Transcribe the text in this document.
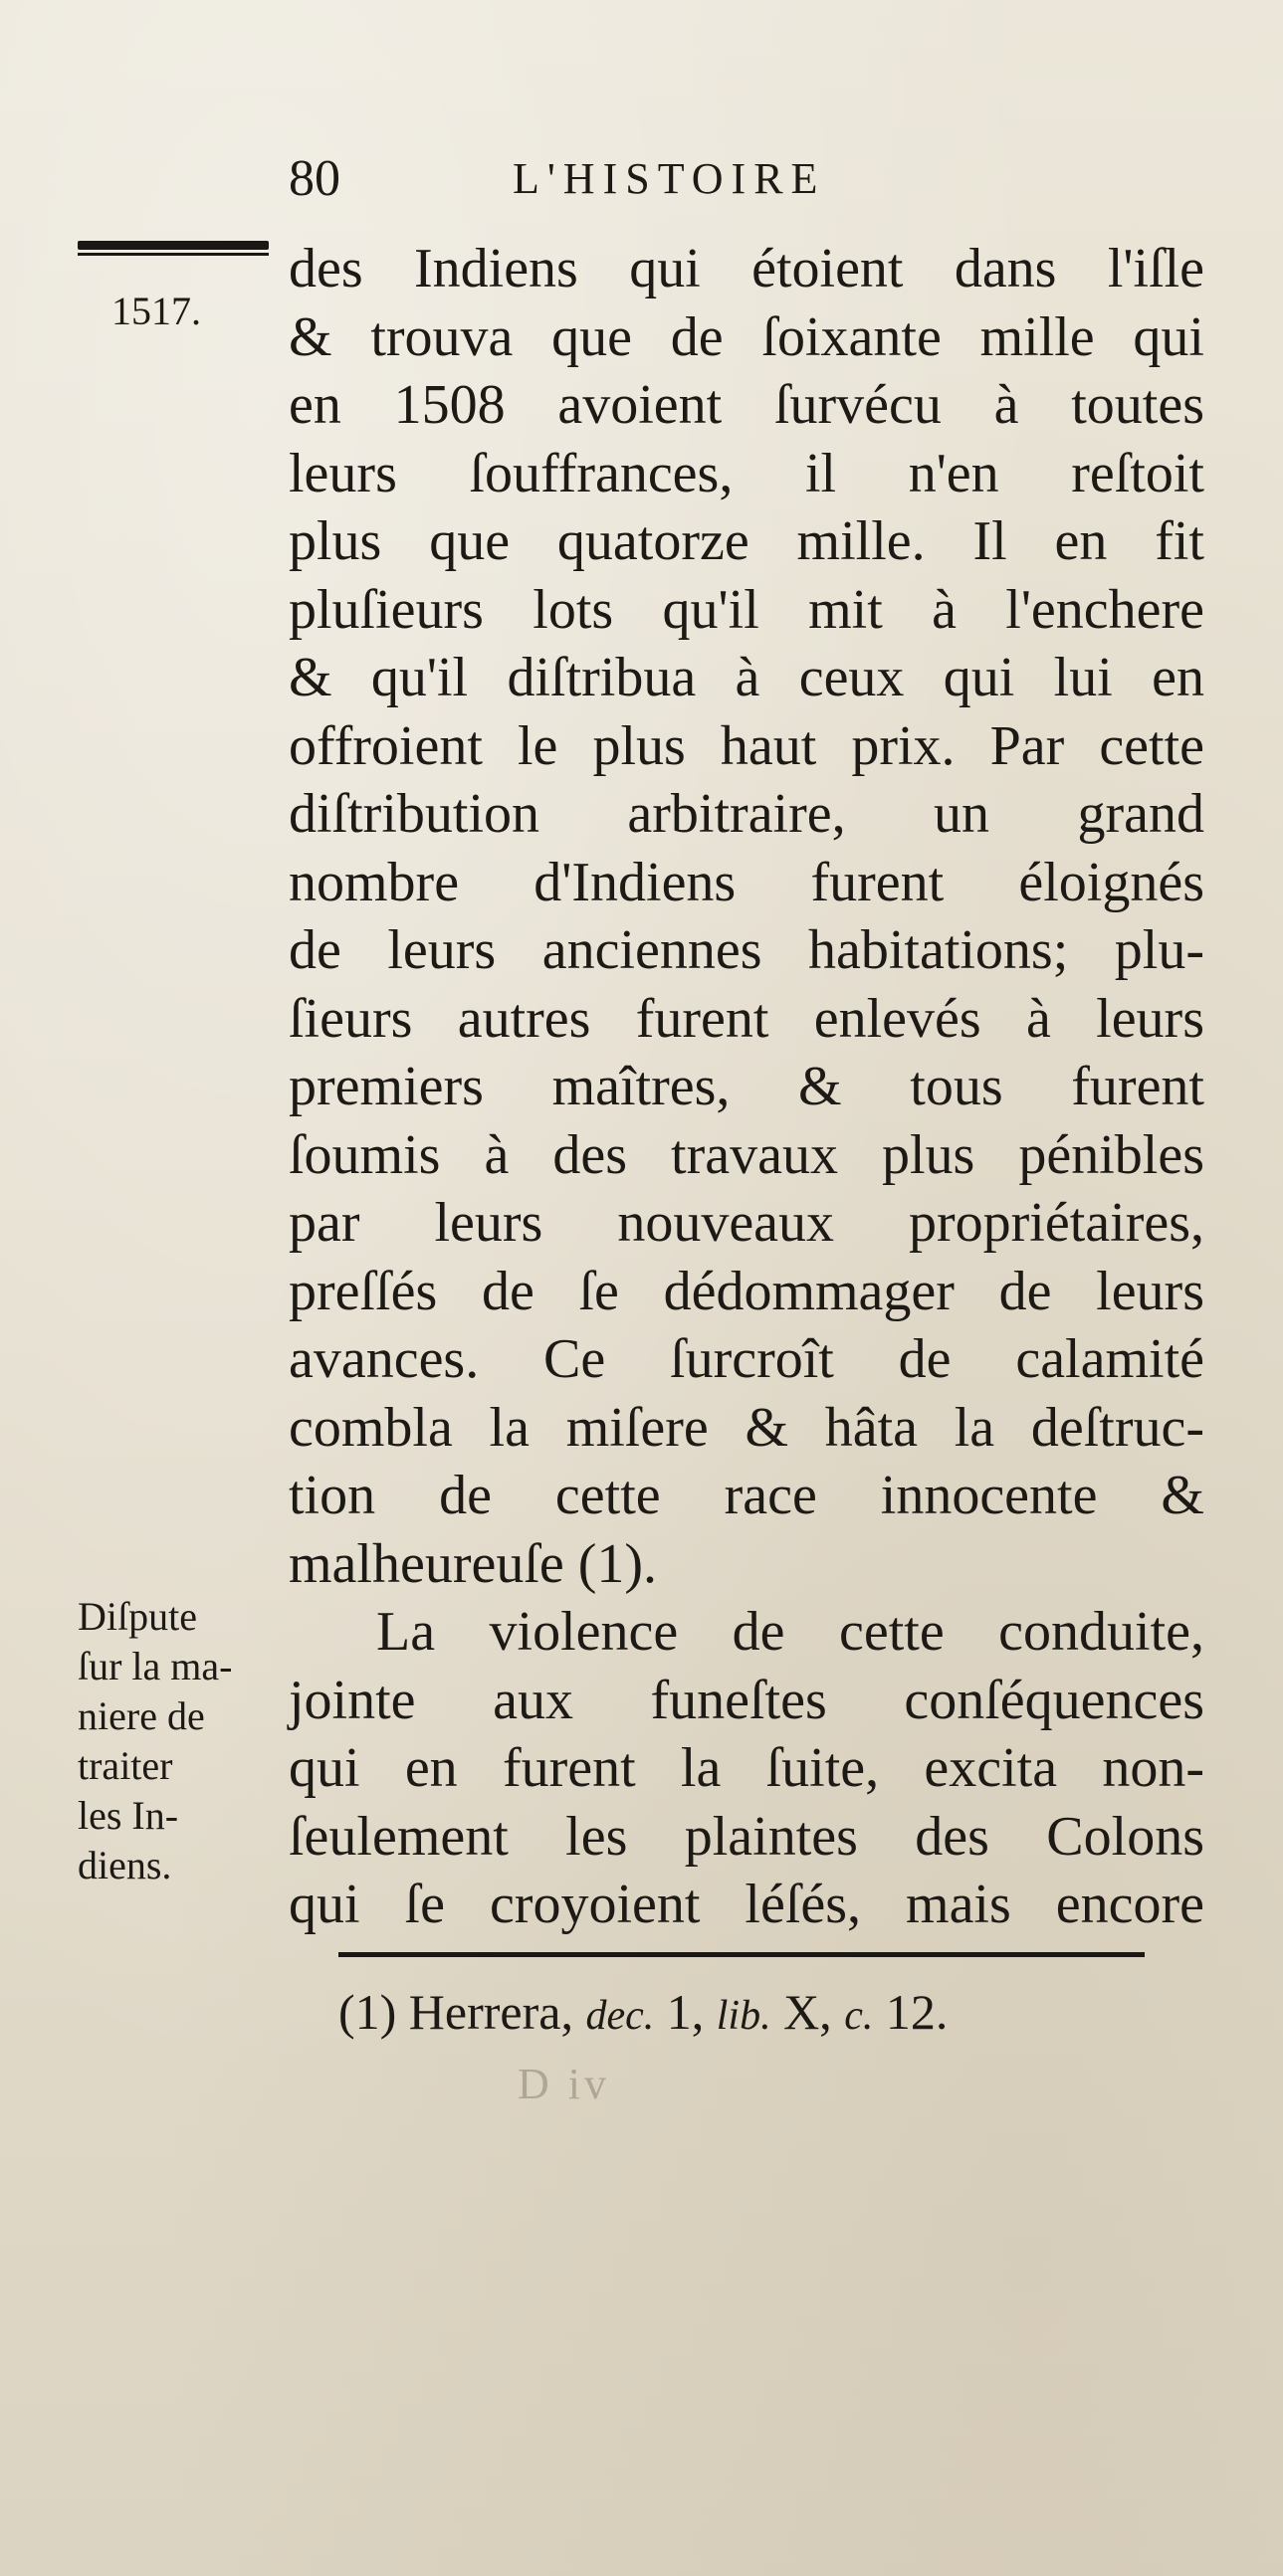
80	L'HISTOIRE
1517.
des Indiens qui étoient dans l'iſle
& trouva que de ſoixante mille qui
en 1508 avoient ſurvécu à toutes
leurs ſouffrances, il n'en reſtoit
plus que quatorze mille. Il en fit
pluſieurs lots qu'il mit à l'enchere
& qu'il diſtribua à ceux qui lui en
offroient le plus haut prix. Par cette
diſtribution arbitraire, un grand
nombre d'Indiens furent éloignés
de leurs anciennes habitations; plu-
ſieurs autres furent enlevés à leurs
premiers maîtres, & tous furent
ſoumis à des travaux plus pénibles
par leurs nouveaux propriétaires,
preſſés de ſe dédommager de leurs
avances. Ce ſurcroît de calamité
combla la miſere & hâta la deſtruc-
tion de cette race innocente &
malheureuſe (1).
La violence de cette conduite,
jointe aux funeſtes conſéquences
qui en furent la ſuite, excita non-
ſeulement les plaintes des Colons
qui ſe croyoient léſés, mais encore
Diſpute
ſur la ma-
niere de
traiter
les In-
diens.
(1) Herrera, dec. 1, lib. X, c. 12.
D iv
